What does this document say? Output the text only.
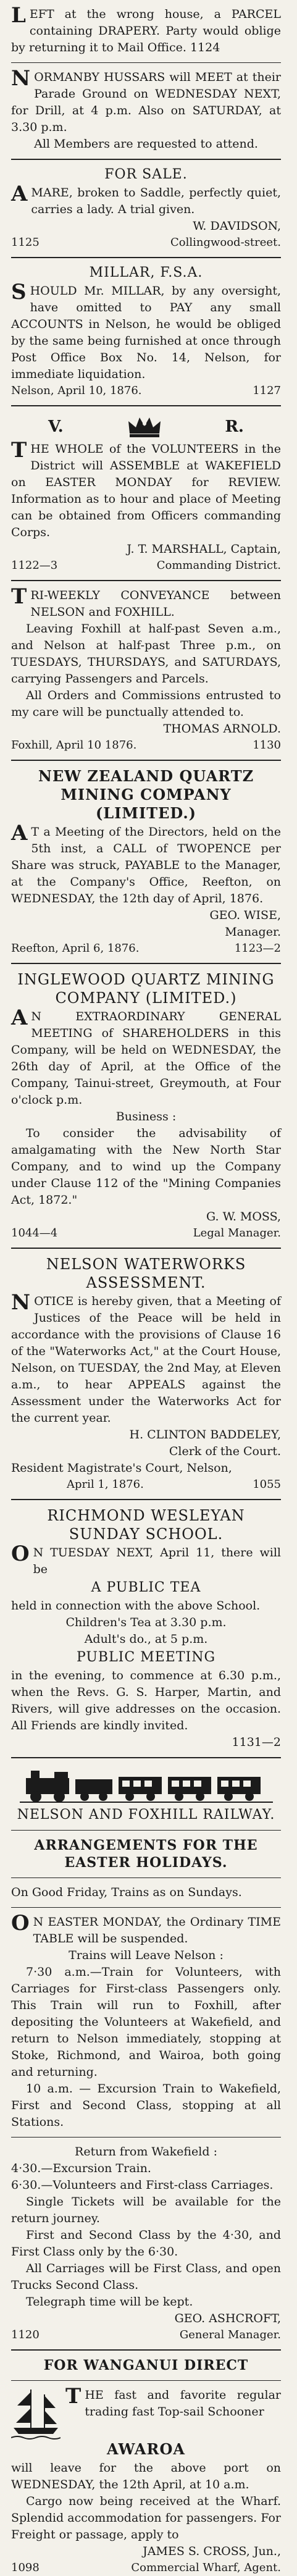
LEFT at the wrong house, a PARCEL containing DRAPERY. Party would oblige by returning it to Mail Office. 1124

NORMANBY HUSSARS will MEET at their Parade Ground on WEDNESDAY NEXT, for Drill, at 4 p.m. Also on SATURDAY, at 3.30 p.m.

All Members are requested to attend.

FOR SALE.

AMARE, broken to Saddle, perfectly quiet, carries a lady. A trial given.

W. DAVIDSON,

1125	Collingwood-street.
MILLAR, F.S.A.

SHOULD Mr. MILLAR, by any oversight, have omitted to PAY any small ACCOUNTS in Nelson, he would be obliged by the same being furnished at once through Post Office Box No. 14, Nelson, for immediate liquidation.

Nelson, April 10, 1876.	1127
V.	R.

THE WHOLE of the VOLUNTEERS in the District will ASSEMBLE at WAKEFIELD on EASTER MONDAY for REVIEW. Information as to hour and place of Meeting can be obtained from Officers commanding Corps.

J. T. MARSHALL, Captain,

1122—3	Commanding District.

TRI-WEEKLY CONVEYANCE between NELSON and FOXHILL.

Leaving Foxhill at half-past Seven a.m., and Nelson at half-past Three p.m., on TUESDAYS, THURSDAYS, and SATURDAYS, carrying Passengers and Parcels.

All Orders and Commissions entrusted to my care will be punctually attended to.

THOMAS ARNOLD.

Foxhill, April 10 1876.	1130
NEW ZEALAND QUARTZ MINING COMPANY (LIMITED.)

A T a Meeting of the Directors, held on the 5th inst, a CALL of TWOPENCE per Share was struck, PAYABLE to the Manager, at the Company's Office, Reefton, on WEDNESDAY, the 12th day of April, 1876.

GEO. WISE,

Manager.

Reefton, April 6, 1876.	1123—2
INGLEWOOD QUARTZ MINING COMPANY (LIMITED.)

A N EXTRAORDINARY GENERAL MEETING of SHAREHOLDERS in this Company, will be held on WEDNESDAY, the 26th day of April, at the Office of the Company, Tainui-street, Greymouth, at Four o'clock p.m.

Business :

To consider the advisability of amalgamating with the New North Star Company, and to wind up the Company under Clause 112 of the "Mining Companies Act, 1872."

G. W. MOSS,

1044—4	Legal Manager.
NELSON WATERWORKS ASSESSMENT.

NOTICE is hereby given, that a Meeting of Justices of the Peace will be held in accordance with the provisions of Clause 16 of the "Waterworks Act," at the Court House, Nelson, on TUESDAY, the 2nd May, at Eleven a.m., to hear APPEALS against the Assessment under the Waterworks Act for the current year.

H. CLINTON BADDELEY,

Clerk of the Court.

Resident Magistrate's Court, Nelson,

April 1, 1876.	1055
RICHMOND WESLEYAN SUNDAY SCHOOL.

O N TUESDAY NEXT, April 11, there will be

A PUBLIC TEA

held in connection with the above School.

Children's Tea at 3.30 p.m.

Adult's do., at 5 p.m.

PUBLIC MEETING

in the evening, to commence at 6.30 p.m., when the Revs. G. S. Harper, Martin, and Rivers, will give addresses on the occasion. All Friends are kindly invited.

1131—2

NELSON AND FOXHILL RAILWAY.
ARRANGEMENTS FOR THE EASTER HOLIDAYS.

On Good Friday, Trains as on Sundays.

O N EASTER MONDAY, the Ordinary TIME TABLE will be suspended.

Trains will Leave Nelson :

7·30 a.m.—Train for Volunteers, with Carriages for First-class Passengers only. This Train will run to Foxhill, after depositing the Volunteers at Wakefield, and return to Nelson immediately, stopping at Stoke, Richmond, and Wairoa, both going and returning.

10 a.m. — Excursion Train to Wakefield, First and Second Class, stopping at all Stations.

Return from Wakefield :

4·30.—Excursion Train.

6·30.—Volunteers and First-class Carriages.

Single Tickets will be available for the return journey.

First and Second Class by the 4·30, and First Class only by the 6·30.

All Carriages will be First Class, and open Trucks Second Class.

Telegraph time will be kept.

GEO. ASHCROFT,

1120	General Manager.
FOR WANGANUI DIRECT

THE fast and favorite regular trading fast Top-sail Schooner

AWAROA

will leave for the above port on WEDNESDAY, the 12th April, at 10 a.m.

Cargo now being received at the Wharf. Splendid accommodation for passengers. For Freight or passage, apply to

JAMES S. CROSS, Jun.,

1098	Commercial Wharf, Agent.
